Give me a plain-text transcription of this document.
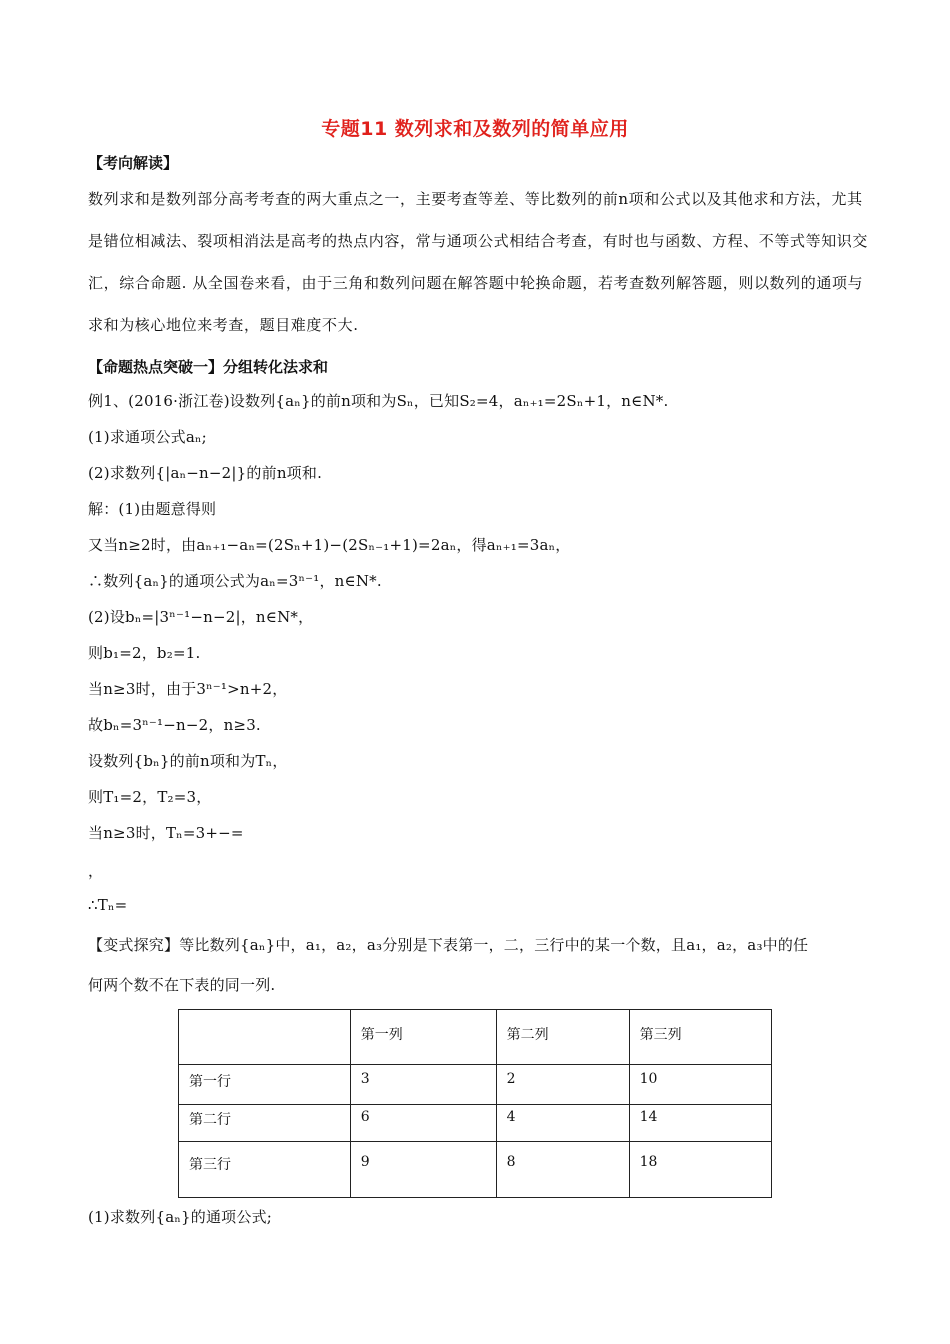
专题11 数列求和及数列的简单应用
【考向解读】
数列求和是数列部分高考考查的两大重点之一，主要考查等差、等比数列的前n项和公式以及其他求和方法，尤其是错位相减法、裂项相消法是高考的热点内容，常与通项公式相结合考查，有时也与函数、方程、不等式等知识交汇，综合命题. 从全国卷来看，由于三角和数列问题在解答题中轮换命题，若考查数列解答题，则以数列的通项与求和为核心地位来考查，题目难度不大.
【命题热点突破一】分组转化法求和
例1、(2016·浙江卷)设数列{aₙ}的前n项和为Sₙ，已知S₂=4，aₙ₊₁=2Sₙ+1，n∈N*.
(1)求通项公式aₙ;
(2)求数列{|aₙ−n−2|}的前n项和.
解：(1)由题意得则
又当n≥2时，由aₙ₊₁−aₙ=(2Sₙ+1)−(2Sₙ₋₁+1)=2aₙ，得aₙ₊₁=3aₙ，
∴数列{aₙ}的通项公式为aₙ=3ⁿ⁻¹，n∈N*.
(2)设bₙ=|3ⁿ⁻¹−n−2|，n∈N*，
则b₁=2，b₂=1.
当n≥3时，由于3ⁿ⁻¹>n+2，
故bₙ=3ⁿ⁻¹−n−2，n≥3.
设数列{bₙ}的前n项和为Tₙ，
则T₁=2，T₂=3，
当n≥3时，Tₙ=3+−=
，
∴Tₙ=
【变式探究】等比数列{aₙ}中，a₁，a₂，a₃分别是下表第一，二，三行中的某一个数，且a₁，a₂，a₃中的任
何两个数不在下表的同一列.
	第一列	第二列	第三列
第一行	3	2	10
第二行	6	4	14
第三行	9	8	18
(1)求数列{aₙ}的通项公式;
